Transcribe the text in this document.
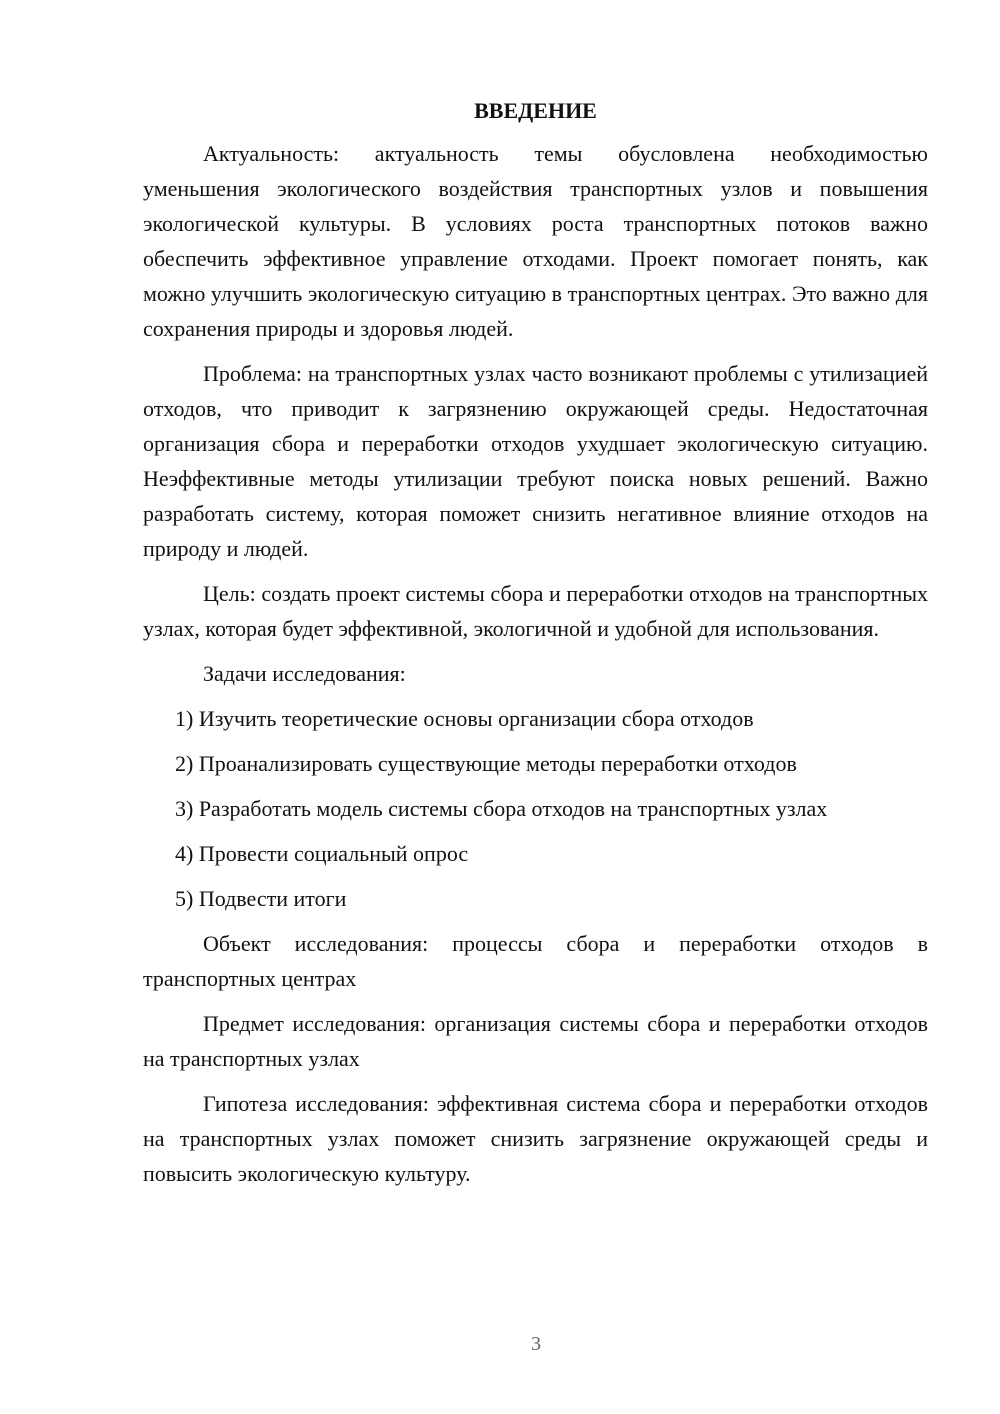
ВВЕДЕНИЕ

Актуальность: актуальность темы обусловлена необходимостью уменьшения экологического воздействия транспортных узлов и повышения экологической культуры. В условиях роста транспортных потоков важно обеспечить эффективное управление отходами. Проект помогает понять, как можно улучшить экологическую ситуацию в транспортных центрах. Это важно для сохранения природы и здоровья людей.

Проблема: на транспортных узлах часто возникают проблемы с утилизацией отходов, что приводит к загрязнению окружающей среды. Недостаточная организация сбора и переработки отходов ухудшает экологическую ситуацию. Неэффективные методы утилизации требуют поиска новых решений. Важно разработать систему, которая поможет снизить негативное влияние отходов на природу и людей.

Цель: создать проект системы сбора и переработки отходов на транспортных узлах, которая будет эффективной, экологичной и удобной для использования.

Задачи исследования:
1) Изучить теоретические основы организации сбора отходов
2) Проанализировать существующие методы переработки отходов
3) Разработать модель системы сбора отходов на транспортных узлах
4) Провести социальный опрос
5) Подвести итоги

Объект исследования: процессы сбора и переработки отходов в транспортных центрах

Предмет исследования: организация системы сбора и переработки отходов на транспортных узлах

Гипотеза исследования: эффективная система сбора и переработки отходов на транспортных узлах поможет снизить загрязнение окружающей среды и повысить экологическую культуру.

3
